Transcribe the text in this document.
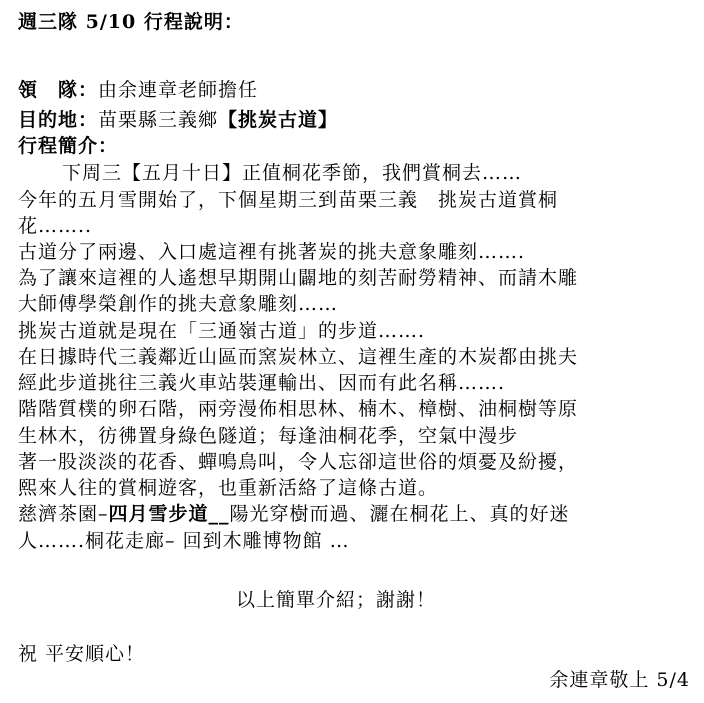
週三隊 5/10 行程說明：
領　隊：由余連章老師擔任
目的地：苗栗縣三義鄉【挑炭古道】
行程簡介：
下周三【五月十日】正值桐花季節，我們賞桐去……
今年的五月雪開始了，下個星期三到苗栗三義　挑炭古道賞桐
花……..
古道分了兩邊、入口處這裡有挑著炭的挑夫意象雕刻…….
為了讓來這裡的人遙想早期開山闢地的刻苦耐勞精神、而請木雕
大師傅學榮創作的挑夫意象雕刻……
挑炭古道就是現在「三通嶺古道」的步道…….
在日據時代三義鄰近山區而窯炭林立、這裡生產的木炭都由挑夫
經此步道挑往三義火車站裝運輸出、因而有此名稱…….
階階質樸的卵石階，兩旁漫佈相思林、楠木、樟樹、油桐樹等原
生林木，彷彿置身綠色隧道；每逢油桐花季，空氣中漫步
著一股淡淡的花香、蟬鳴鳥叫，令人忘卻這世俗的煩憂及紛擾，
熙來人往的賞桐遊客，也重新活絡了這條古道。
慈濟茶園–四月雪步道__陽光穿樹而過、灑在桐花上、真的好迷
人…….桐花走廊– 回到木雕博物館 …
以上簡單介紹；謝謝！
祝 平安順心！
余連章敬上 5/4
